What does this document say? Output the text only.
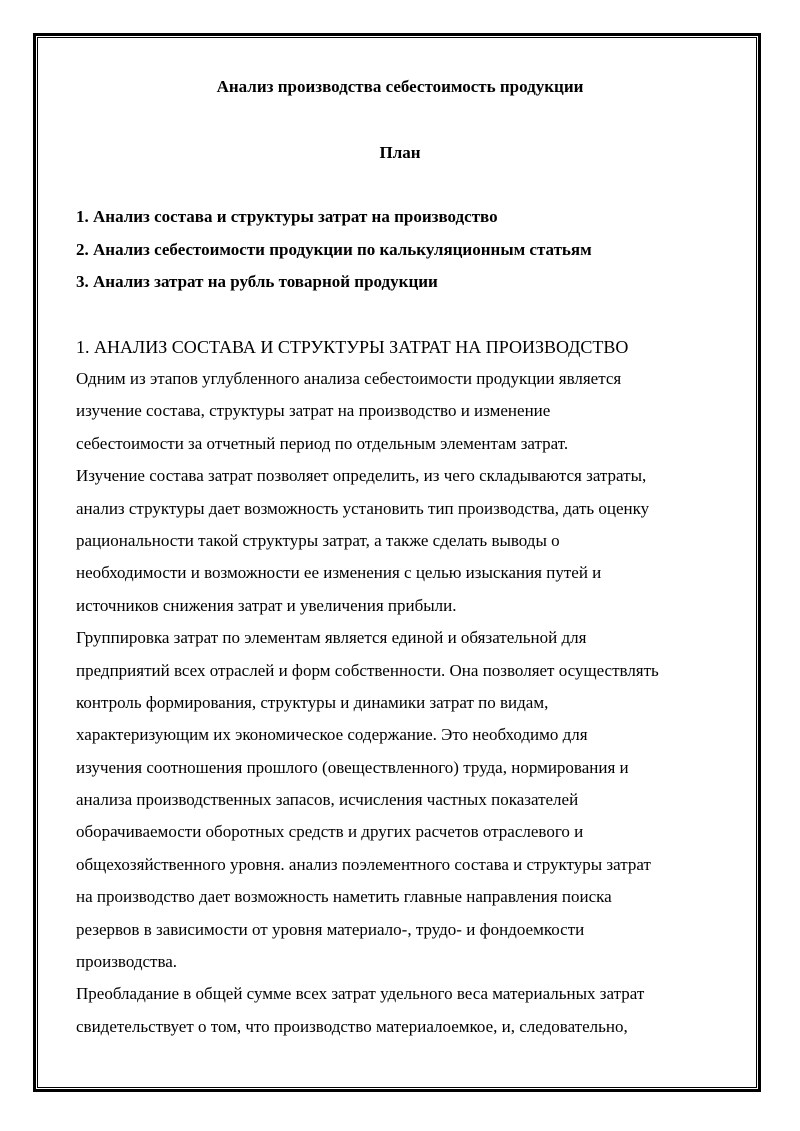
Анализ производства себестоимость продукции
План
1. Анализ состава и структуры затрат на производство
2. Анализ себестоимости продукции по калькуляционным статьям
3. Анализ затрат на рубль товарной продукции
1. АНАЛИЗ СОСТАВА И СТРУКТУРЫ ЗАТРАТ НА ПРОИЗВОДСТВО
Одним из этапов углубленного анализа себестоимости продукции является
изучение состава, структуры затрат на производство и изменение
себестоимости за отчетный период по отдельным элементам затрат.
Изучение состава затрат позволяет определить, из чего складываются затраты,
анализ структуры дает возможность установить тип производства, дать оценку
рациональности такой структуры затрат, а также сделать выводы о
необходимости и возможности ее изменения с целью изыскания путей и
источников снижения затрат и увеличения прибыли.
Группировка затрат по элементам является единой и обязательной для
предприятий всех отраслей и форм собственности. Она позволяет осуществлять
контроль формирования, структуры и динамики затрат по видам,
характеризующим их экономическое содержание. Это необходимо для
изучения соотношения прошлого (овеществленного) труда, нормирования и
анализа производственных запасов, исчисления частных показателей
оборачиваемости оборотных средств и других расчетов отраслевого и
общехозяйственного уровня. анализ поэлементного состава и структуры затрат
на производство дает возможность наметить главные направления поиска
резервов в зависимости от уровня материало-, трудо- и фондоемкости
производства.
Преобладание в общей сумме всех затрат удельного веса материальных затрат
свидетельствует о том, что производство материалоемкое, и, следовательно,
